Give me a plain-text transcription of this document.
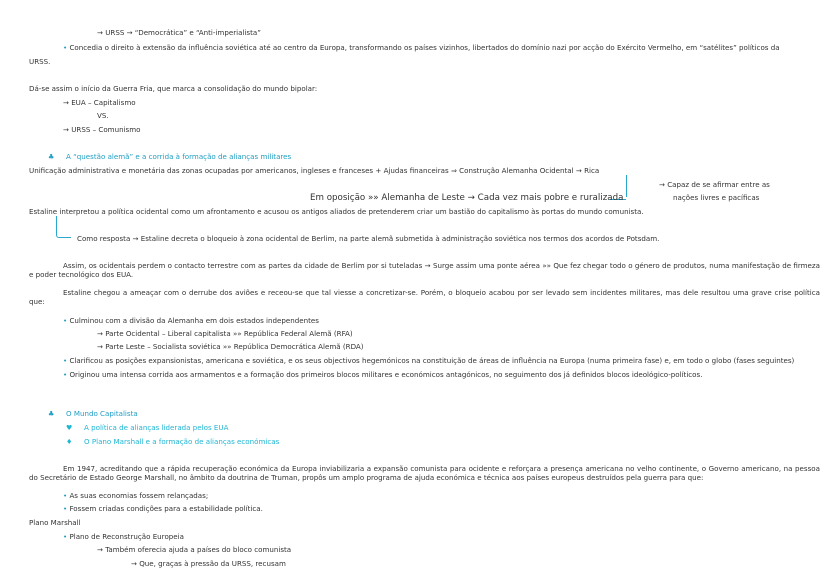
→ URSS → “Democrática” e “Anti-imperialista”
• Concedia o direito à extensão da influência soviética até ao centro da Europa, transformando os países vizinhos, libertados do domínio nazi por acção do Exército Vermelho, em “satélites” políticos da
URSS.
Dá-se assim o início da Guerra Fria, que marca a consolidação do mundo bipolar:
→ EUA – Capitalismo
VS.
→ URSS – Comunismo
♣ A “questão alemã” e a corrida à formação de alianças militares
Unificação administrativa e monetária das zonas ocupadas por americanos, ingleses e franceses + Ajudas financeiras ⇒ Construção Alemanha Ocidental → Rica
→ Capaz de se afirmar entre as
nações livres e pacíficas
Em oposição »» Alemanha de Leste → Cada vez mais pobre e ruralizada
Estaline interpretou a política ocidental como um afrontamento e acusou os antigos aliados de pretenderem criar um bastião do capitalismo às portas do mundo comunista.
Como resposta → Estaline decreta o bloqueio à zona ocidental de Berlim, na parte alemã submetida à administração soviética nos termos dos acordos de Potsdam.
Assim, os ocidentais perdem o contacto terrestre com as partes da cidade de Berlim por si tuteladas → Surge assim uma ponte aérea »» Que fez chegar todo o género de produtos, numa manifestação de firmeza e poder tecnológico dos EUA.
Estaline chegou a ameaçar com o derrube dos aviões e receou-se que tal viesse a concretizar-se. Porém, o bloqueio acabou por ser levado sem incidentes militares, mas dele resultou uma grave crise política que:
• Culminou com a divisão da Alemanha em dois estados independentes
→ Parte Ocidental – Liberal capitalista »» República Federal Alemã (RFA)
→ Parte Leste – Socialista soviética »» República Democrática Alemã (RDA)
• Clarificou as posições expansionistas, americana e soviética, e os seus objectivos hegemónicos na constituição de áreas de influência na Europa (numa primeira fase) e, em todo o globo (fases seguintes)
• Originou uma intensa corrida aos armamentos e a formação dos primeiros blocos militares e económicos antagónicos, no seguimento dos já definidos blocos ideológico-políticos.
♣ O Mundo Capitalista
♥ A política de alianças liderada pelos EUA
♦ O Plano Marshall e a formação de alianças económicas
Em 1947, acreditando que a rápida recuperação económica da Europa inviabilizaria a expansão comunista para ocidente e reforçara a presença americana no velho continente, o Governo americano, na pessoa do Secretário de Estado George Marshall, no âmbito da doutrina de Truman, propôs um amplo programa de ajuda económica e técnica aos países europeus destruídos pela guerra para que:
• As suas economias fossem relançadas;
• Fossem criadas condições para a estabilidade política.
Plano Marshall
• Plano de Reconstrução Europeia
→ Também oferecia ajuda a países do bloco comunista
→ Que, graças à pressão da URSS, recusam
